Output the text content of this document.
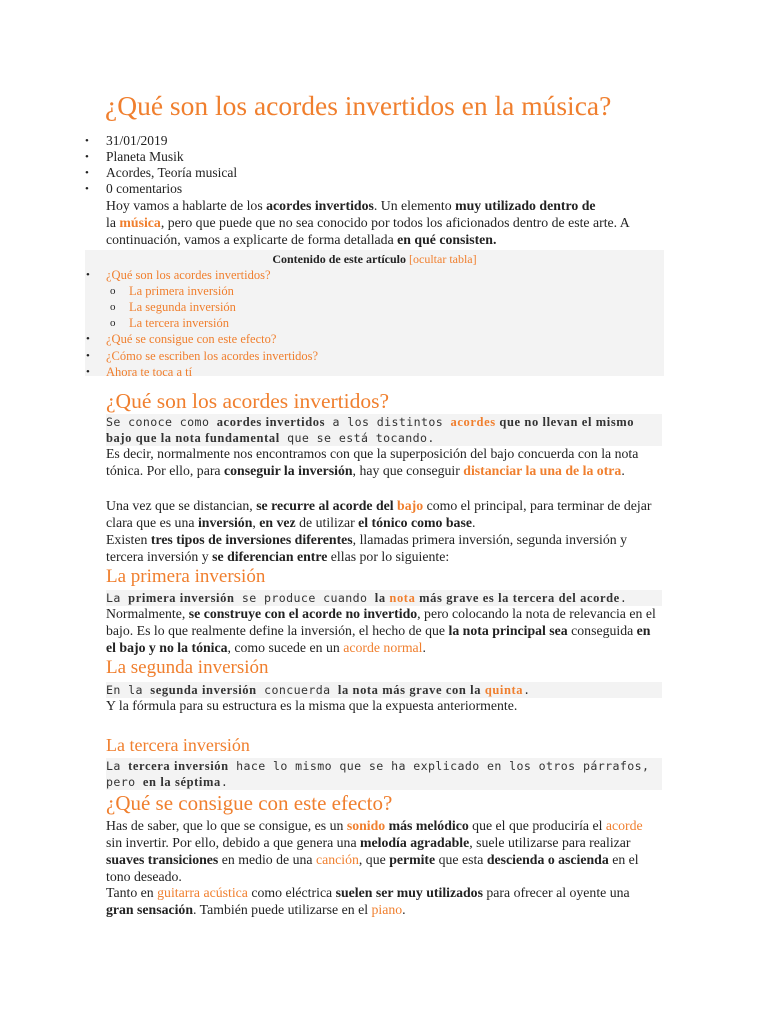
¿Qué son los acordes invertidos en la música?
• 31/01/2019
• Planeta Musik
• Acordes, Teoría musical
• 0 comentarios

Hoy vamos a hablarte de los acordes invertidos. Un elemento muy utilizado dentro de
la música, pero que puede que no sea conocido por todos los aficionados dentro de este arte. A continuación, vamos a explicarte de forma detallada en qué consisten.

Contenido de este artículo [ocultar tabla]
• ¿Qué son los acordes invertidos?
o La primera inversión
o La segunda inversión
o La tercera inversión
• ¿Qué se consigue con este efecto?
• ¿Cómo se escriben los acordes invertidos?
• Ahora te toca a tí
¿Qué son los acordes invertidos?
Se conoce como acordes invertidos a los distintos acordes que no llevan el mismo bajo que la nota fundamental que se está tocando.

Es decir, normalmente nos encontramos con que la superposición del bajo concuerda con la nota tónica. Por ello, para conseguir la inversión, hay que conseguir distanciar la una de la otra.

Una vez que se distancian, se recurre al acorde del bajo como el principal, para terminar de dejar clara que es una inversión, en vez de utilizar el tónico como base.

Existen tres tipos de inversiones diferentes, llamadas primera inversión, segunda inversión y tercera inversión y se diferencian entre ellas por lo siguiente:

La primera inversión
La primera inversión se produce cuando la nota más grave es la tercera del acorde.

Normalmente, se construye con el acorde no invertido, pero colocando la nota de relevancia en el bajo. Es lo que realmente define la inversión, el hecho de que la nota principal sea conseguida en el bajo y no la tónica, como sucede en un acorde normal.

La segunda inversión
En la segunda inversión concuerda la nota más grave con la quinta.

Y la fórmula para su estructura es la misma que la expuesta anteriormente.

La tercera inversión
La tercera inversión hace lo mismo que se ha explicado en los otros párrafos, pero en la séptima.
¿Qué se consigue con este efecto?

Has de saber, que lo que se consigue, es un sonido más melódico que el que produciría el acorde sin invertir. Por ello, debido a que genera una melodía agradable, suele utilizarse para realizar suaves transiciones en medio de una canción, que permite que esta descienda o ascienda en el tono deseado.

Tanto en guitarra acústica como eléctrica suelen ser muy utilizados para ofrecer al oyente una gran sensación. También puede utilizarse en el piano.
